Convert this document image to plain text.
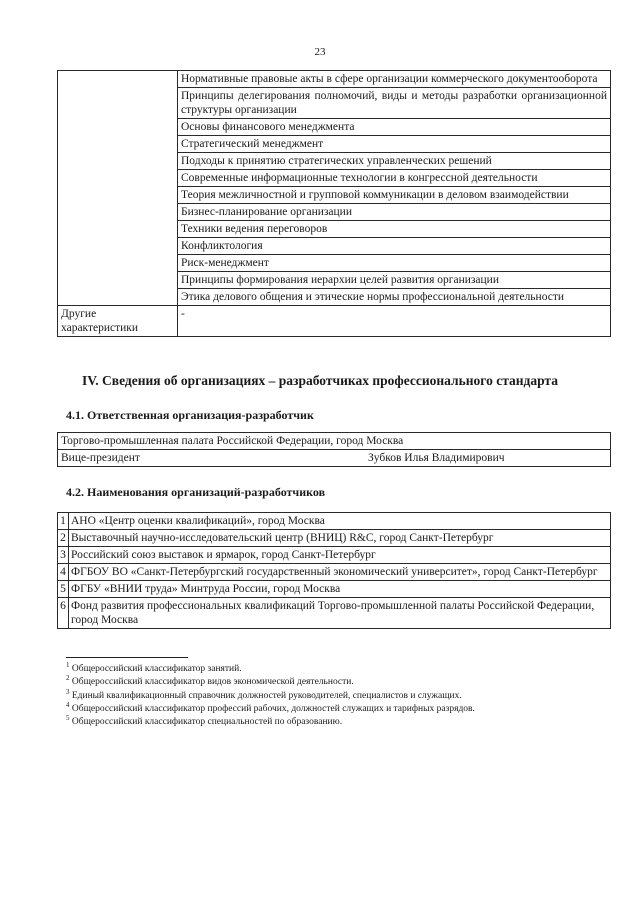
23
	Нормативные правовые акты в сфере организации коммерческого документооборота
	Принципы делегирования полномочий, виды и методы разработки организационной структуры организации
	Основы финансового менеджмента
	Стратегический менеджмент
	Подходы к принятию стратегических управленческих решений
	Современные информационные технологии в конгрессной деятельности
	Теория межличностной и групповой коммуникации в деловом взаимодействии
	Бизнес-планирование организации
	Техники ведения переговоров
	Конфликтология
	Риск-менеджмент
	Принципы формирования иерархии целей развития организации
	Этика делового общения и этические нормы профессиональной деятельности
Другие характеристики	-
IV. Сведения об организациях – разработчиках профессионального стандарта
4.1. Ответственная организация-разработчик
Торгово-промышленная палата Российской Федерации, город Москва
Вице-президент	Зубков Илья Владимирович
4.2. Наименования организаций-разработчиков
1	АНО «Центр оценки квалификаций», город Москва
2	Выставочный научно-исследовательский центр (ВНИЦ) R&C, город Санкт-Петербург
3	Российский союз выставок и ярмарок, город Санкт-Петербург
4	ФГБОУ ВО «Санкт-Петербургский государственный экономический университет», город Санкт-Петербург
5	ФГБУ «ВНИИ труда» Минтруда России, город Москва
6	Фонд развития профессиональных квалификаций Торгово-промышленной палаты Российской Федерации, город Москва
$^1$ Общероссийский классификатор занятий.
$^2$ Общероссийский классификатор видов экономической деятельности.
$^3$ Единый квалификационный справочник должностей руководителей, специалистов и служащих.
$^4$ Общероссийский классификатор профессий рабочих, должностей служащих и тарифных разрядов.
$^5$ Общероссийский классификатор специальностей по образованию.
